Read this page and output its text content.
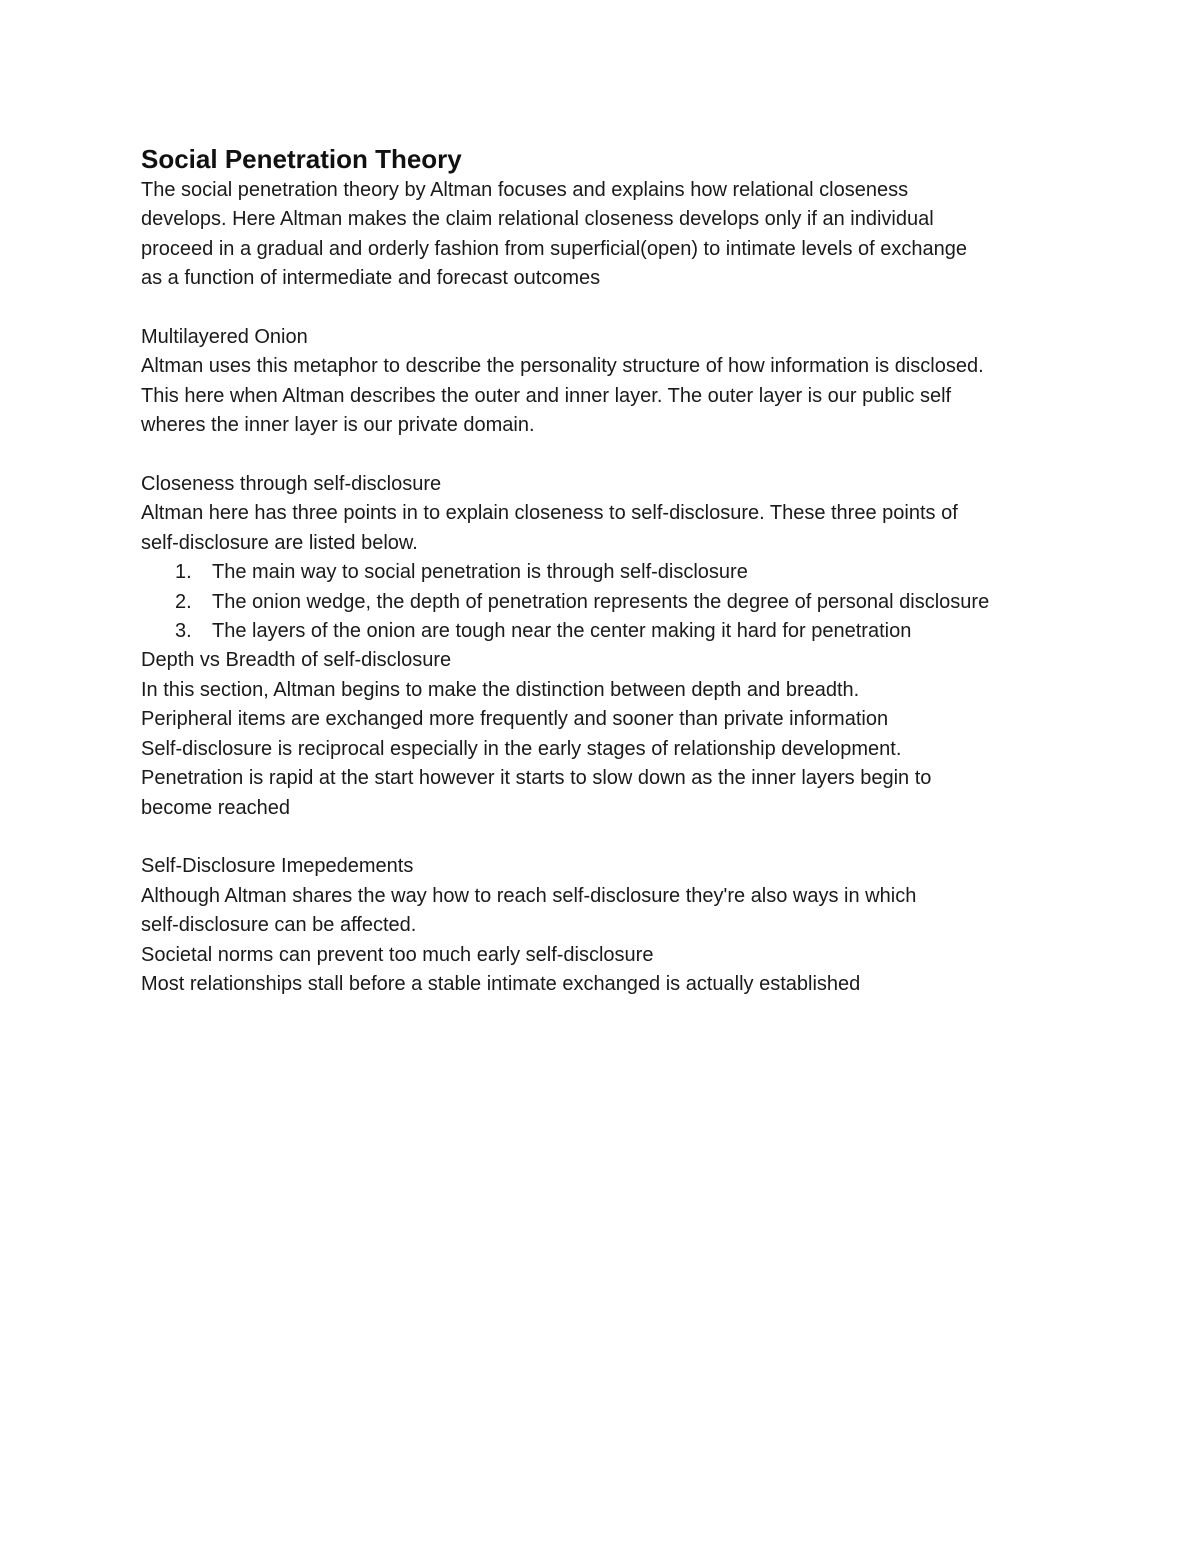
Social Penetration Theory

The social penetration theory by Altman focuses and explains how relational closeness

develops. Here Altman makes the claim relational closeness develops only if an individual

proceed in a gradual and orderly fashion from superficial(open) to intimate levels of exchange

as a function of intermediate and forecast outcomes

Multilayered Onion

Altman uses this metaphor to describe the personality structure of how information is disclosed.

This here when Altman describes the outer and inner layer. The outer layer is our public self

wheres the inner layer is our private domain.

Closeness through self-disclosure

Altman here has three points in to explain closeness to self-disclosure. These three points of

self-disclosure are listed below.

1. The main way to social penetration is through self-disclosure
2. The onion wedge, the depth of penetration represents the degree of personal disclosure
3. The layers of the onion are tough near the center making it hard for penetration

Depth vs Breadth of self-disclosure

In this section, Altman begins to make the distinction between depth and breadth.

Peripheral items are exchanged more frequently and sooner than private information

Self-disclosure is reciprocal especially in the early stages of relationship development.

Penetration is rapid at the start however it starts to slow down as the inner layers begin to

become reached

Self-Disclosure Imepedements

Although Altman shares the way how to reach self-disclosure they're also ways in which

self-disclosure can be affected.

Societal norms can prevent too much early self-disclosure

Most relationships stall before a stable intimate exchanged is actually established
